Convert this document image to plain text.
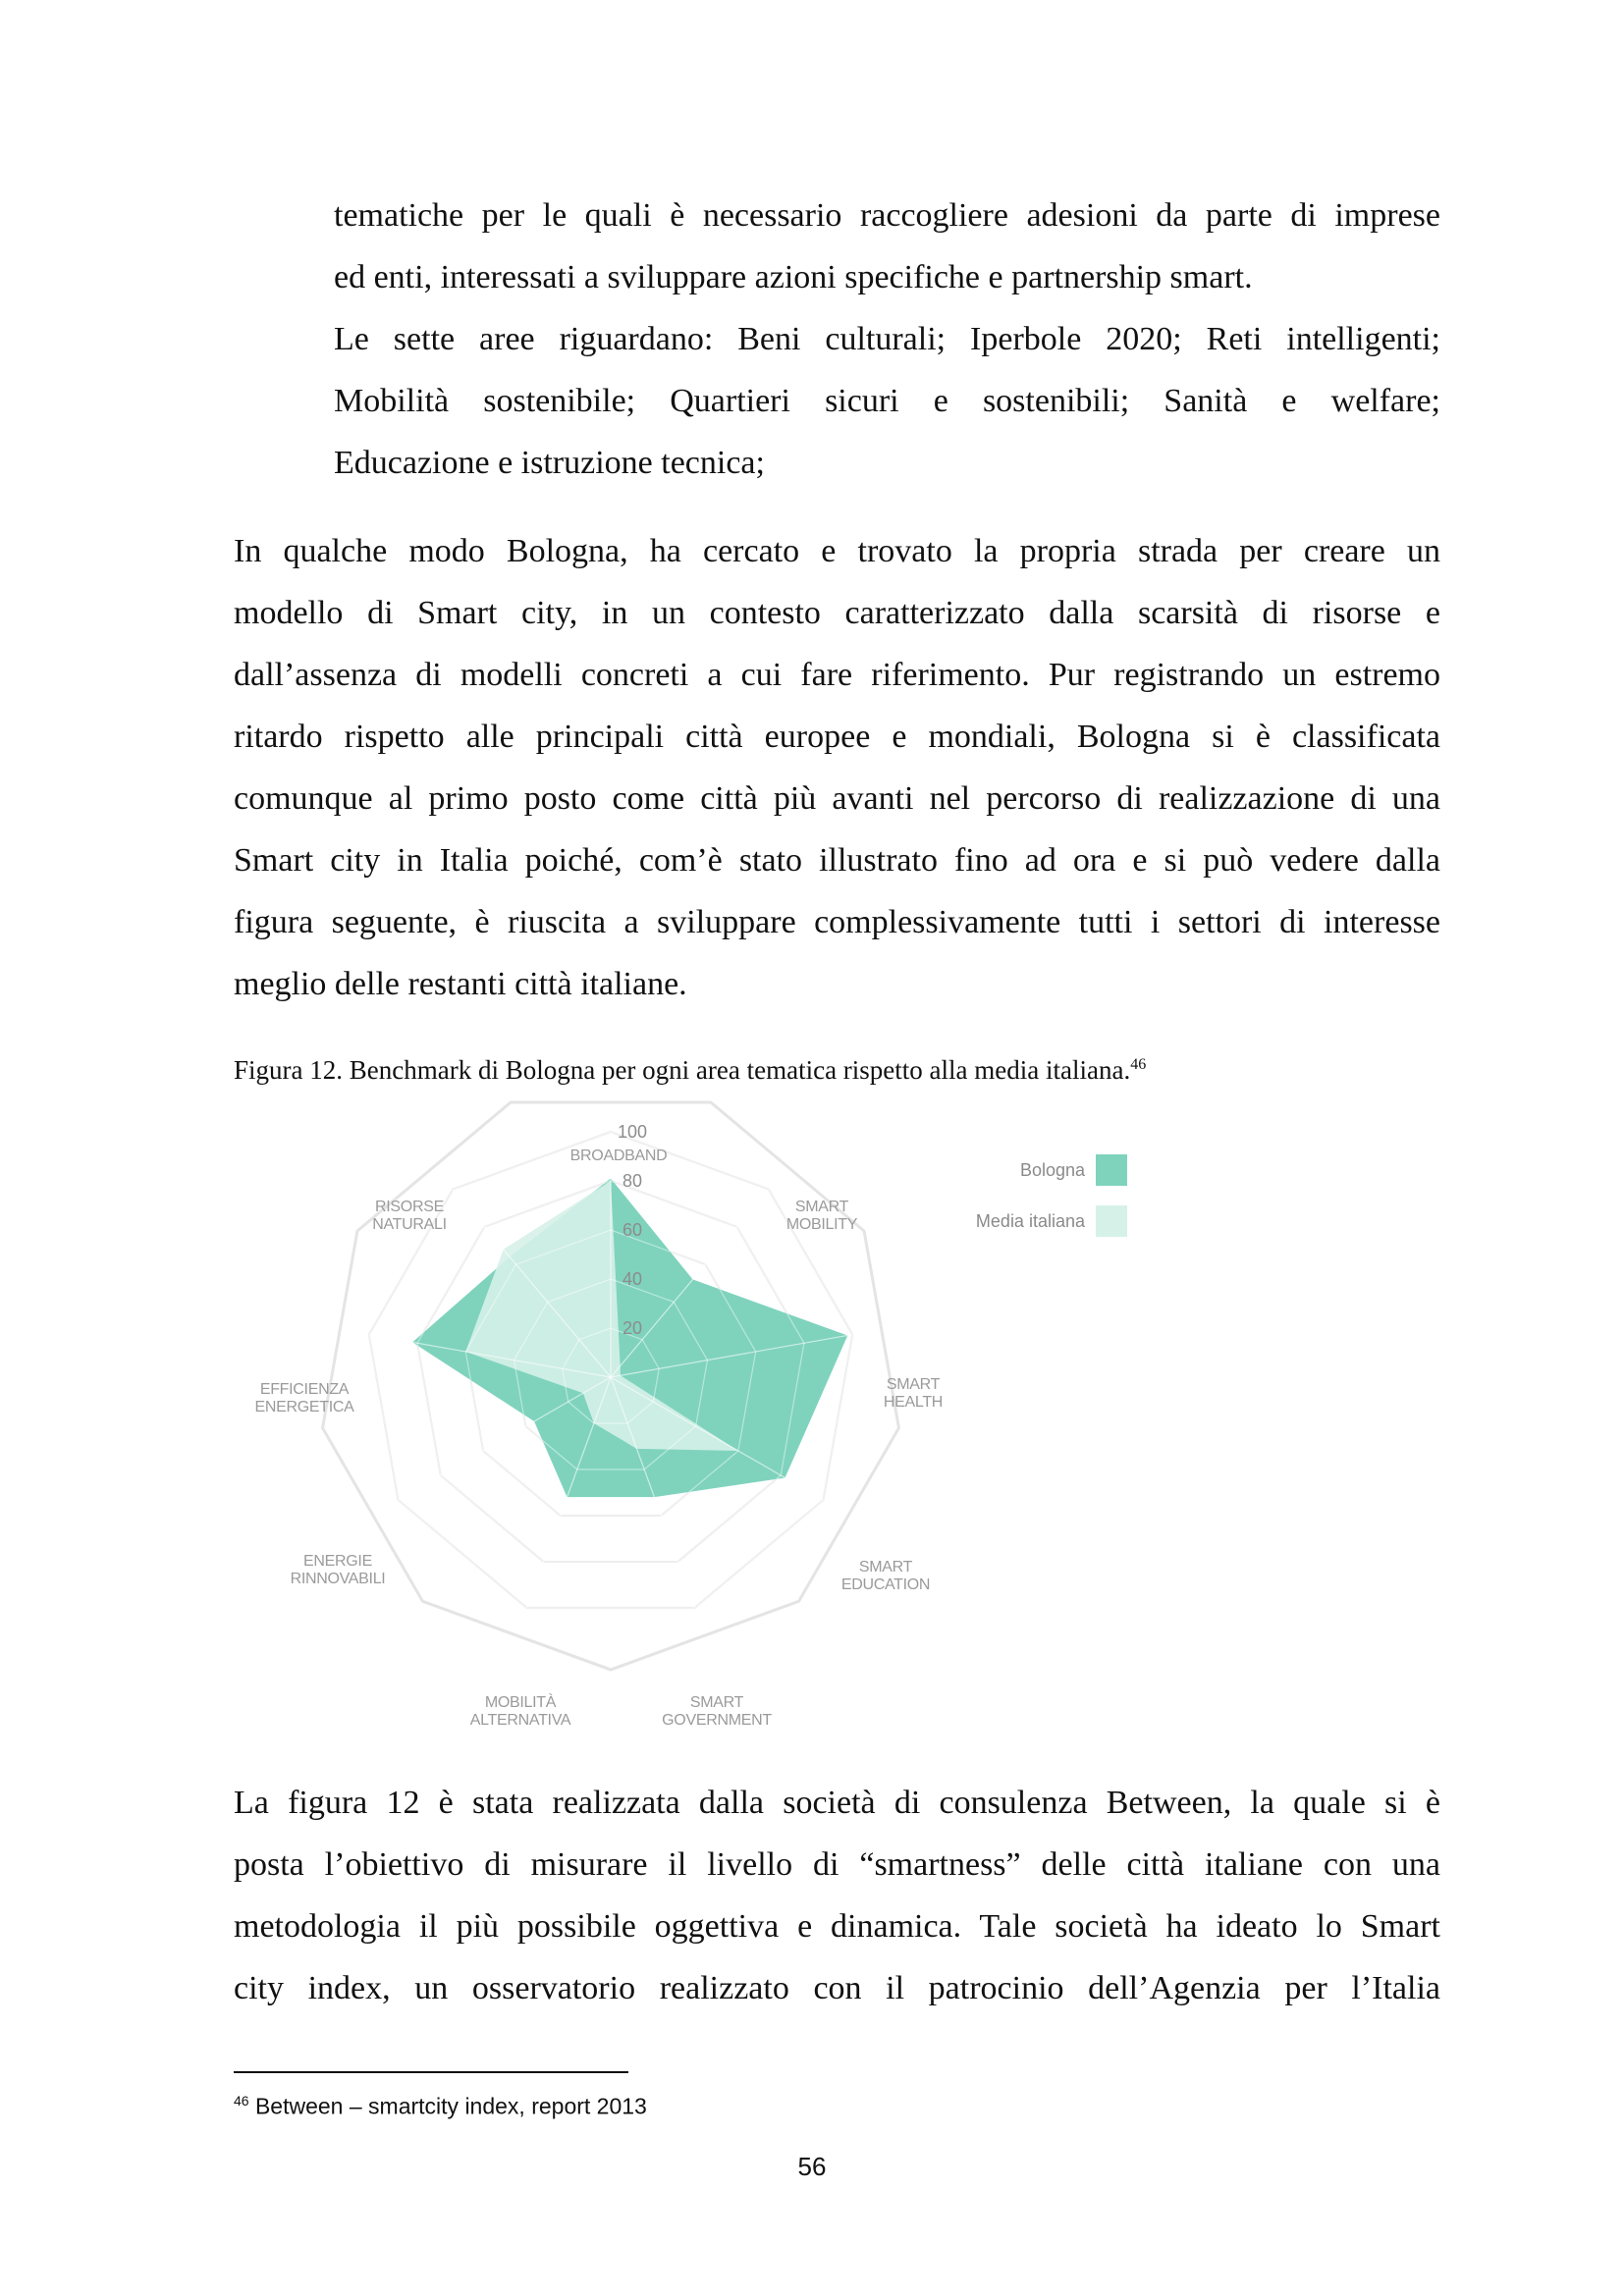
tematiche per le quali è necessario raccogliere adesioni da parte di imprese
ed enti, interessati a sviluppare azioni specifiche e partnership smart.
Le sette aree riguardano: Beni culturali; Iperbole 2020; Reti intelligenti;
Mobilità sostenibile; Quartieri sicuri e sostenibili; Sanità e welfare;
Educazione e istruzione tecnica;
In qualche modo Bologna, ha cercato e trovato la propria strada per creare un
modello di Smart city, in un contesto caratterizzato dalla scarsità di risorse e
dall’assenza di modelli concreti a cui fare riferimento. Pur registrando un estremo
ritardo rispetto alle principali città europee e mondiali, Bologna si è classificata
comunque al primo posto come città più avanti nel percorso di realizzazione di una
Smart city in Italia poiché, com’è stato illustrato fino ad ora e si può vedere dalla
figura seguente, è riuscita a sviluppare complessivamente tutti i settori di interesse
meglio delle restanti città italiane.
Figura 12. Benchmark di Bologna per ogni area tematica rispetto alla media italiana.$^{46}$
20
40
60
80
100
BROADBAND
SMART MOBILITY
SMART HEALTH
SMART EDUCATION
SMART GOVERNMENT
MOBILITÀ ALTERNATIVA
ENERGIE RINNOVABILI
EFFICIENZA ENERGETICA
RISORSE NATURALI
Bologna
Media italiana
La figura 12 è stata realizzata dalla società di consulenza Between, la quale si è
posta l’obiettivo di misurare il livello di “smartness” delle città italiane con una
metodologia il più possibile oggettiva e dinamica. Tale società ha ideato lo Smart
city index, un osservatorio realizzato con il patrocinio dell’Agenzia per l’Italia
$^{46}$ Between – smartcity index, report 2013
56
